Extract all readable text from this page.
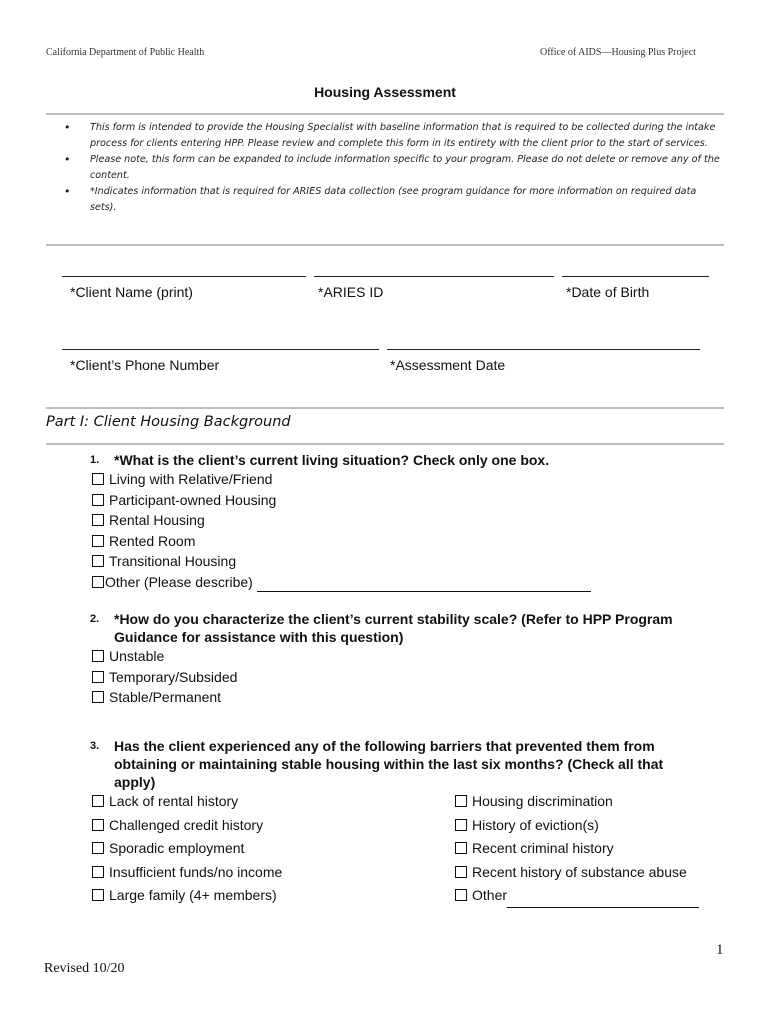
California Department of Public Health	Office of AIDS—Housing Plus Project
Housing Assessment
• This form is intended to provide the Housing Specialist with baseline information that is required to be collected during the intake process for clients entering HPP. Please review and complete this form in its entirety with the client prior to the start of services.
• Please note, this form can be expanded to include information specific to your program. Please do not delete or remove any of the content.
• *Indicates information that is required for ARIES data collection (see program guidance for more information on required data sets).
*Client Name (print)	*ARIES ID	*Date of Birth
*Client’s Phone Number	*Assessment Date
Part I: Client Housing Background
1. *What is the client’s current living situation? Check only one box.
Living with Relative/Friend
Participant-owned Housing
Rental Housing
Rented Room
Transitional Housing
Other (Please describe)
2. *How do you characterize the client’s current stability scale? (Refer to HPP Program
Guidance for assistance with this question)
Unstable
Temporary/Subsided
Stable/Permanent
3. Has the client experienced any of the following barriers that prevented them from
obtaining or maintaining stable housing within the last six months? (Check all that
apply)
Lack of rental history
Challenged credit history
Sporadic employment
Insufficient funds/no income
Large family (4+ members)
Housing discrimination
History of eviction(s)
Recent criminal history
Recent history of substance abuse
Other
1
Revised 10/20
